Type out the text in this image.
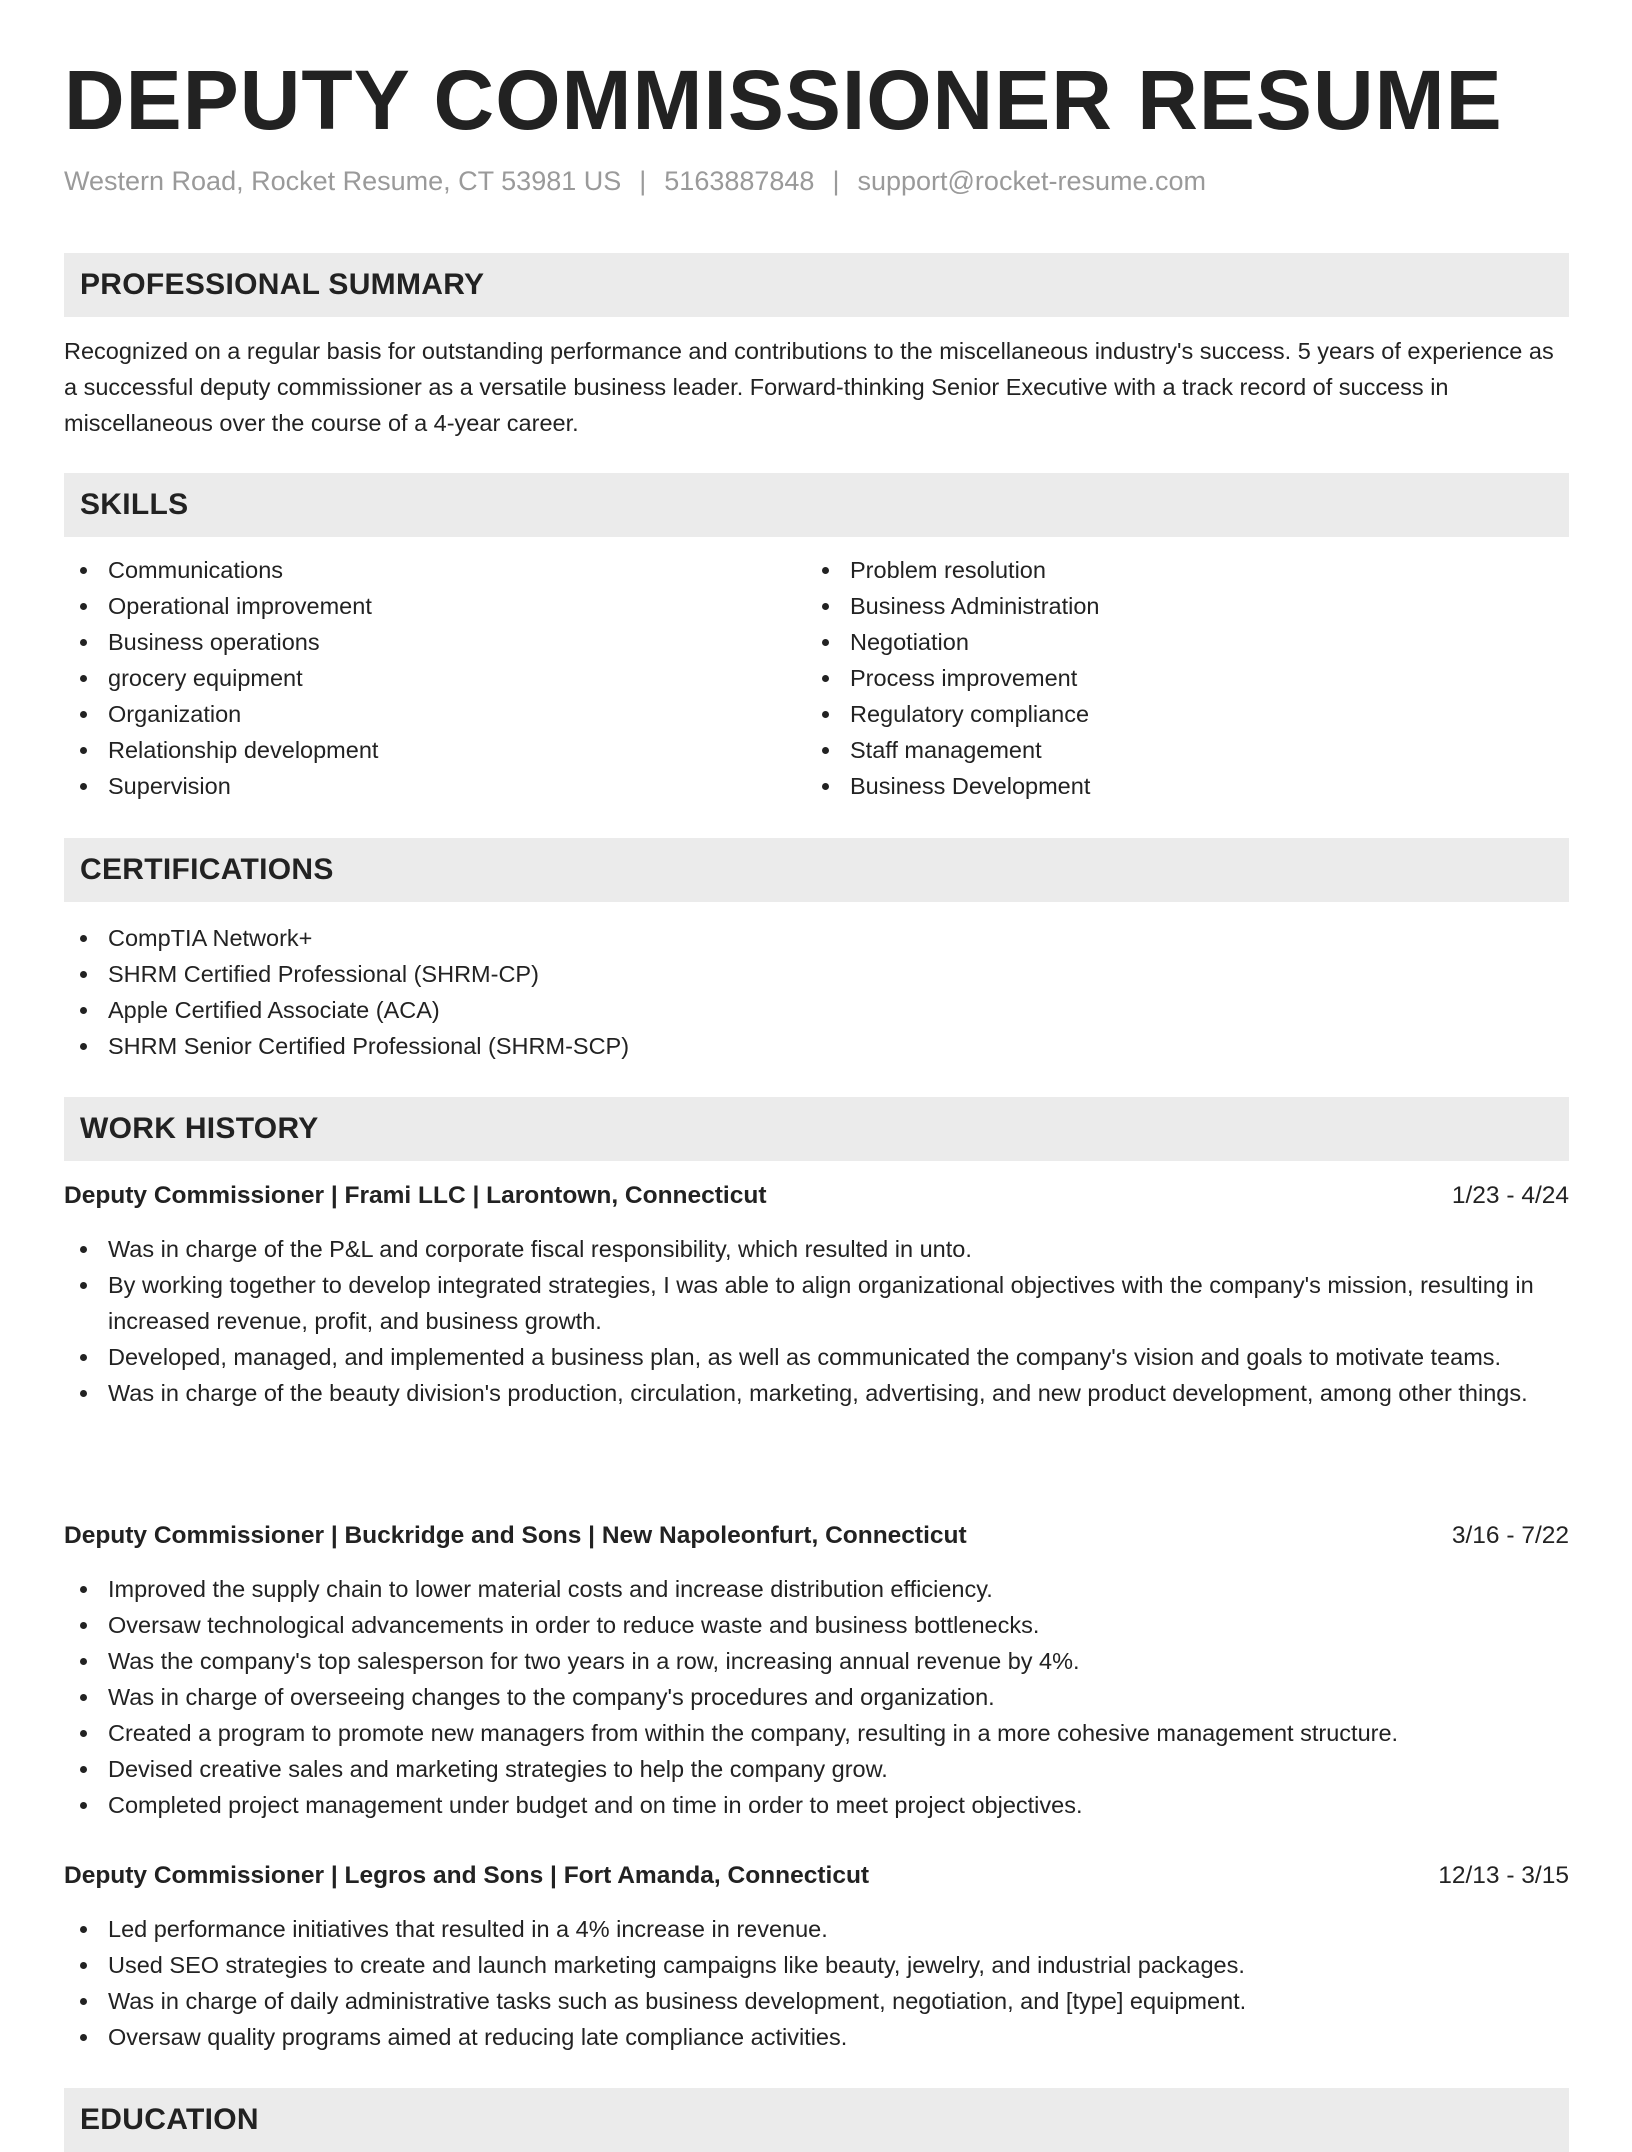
DEPUTY COMMISSIONER RESUME
Western Road, Rocket Resume, CT 53981 US | 5163887848 | support@rocket-resume.com
PROFESSIONAL SUMMARY

Recognized on a regular basis for outstanding performance and contributions to the miscellaneous industry's success. 5 years of experience as a successful deputy commissioner as a versatile business leader. Forward-thinking Senior Executive with a track record of success in miscellaneous over the course of a 4-year career.

SKILLS
Communications
Operational improvement
Business operations
grocery equipment
Organization
Relationship development
Supervision
Problem resolution
Business Administration
Negotiation
Process improvement
Regulatory compliance
Staff management
Business Development
CERTIFICATIONS
CompTIA Network+
SHRM Certified Professional (SHRM-CP)
Apple Certified Associate (ACA)
SHRM Senior Certified Professional (SHRM-SCP)
WORK HISTORY
Deputy Commissioner | Frami LLC | Larontown, Connecticut	1/23 - 4/24
Was in charge of the P&L and corporate fiscal responsibility, which resulted in unto.
By working together to develop integrated strategies, I was able to align organizational objectives with the company's mission, resulting in increased revenue, profit, and business growth.
Developed, managed, and implemented a business plan, as well as communicated the company's vision and goals to motivate teams.
Was in charge of the beauty division's production, circulation, marketing, advertising, and new product development, among other things.
Deputy Commissioner | Buckridge and Sons | New Napoleonfurt, Connecticut	3/16 - 7/22
Improved the supply chain to lower material costs and increase distribution efficiency.
Oversaw technological advancements in order to reduce waste and business bottlenecks.
Was the company's top salesperson for two years in a row, increasing annual revenue by 4%.
Was in charge of overseeing changes to the company's procedures and organization.
Created a program to promote new managers from within the company, resulting in a more cohesive management structure.
Devised creative sales and marketing strategies to help the company grow.
Completed project management under budget and on time in order to meet project objectives.
Deputy Commissioner | Legros and Sons | Fort Amanda, Connecticut	12/13 - 3/15
Led performance initiatives that resulted in a 4% increase in revenue.
Used SEO strategies to create and launch marketing campaigns like beauty, jewelry, and industrial packages.
Was in charge of daily administrative tasks such as business development, negotiation, and [type] equipment.
Oversaw quality programs aimed at reducing late compliance activities.
EDUCATION
